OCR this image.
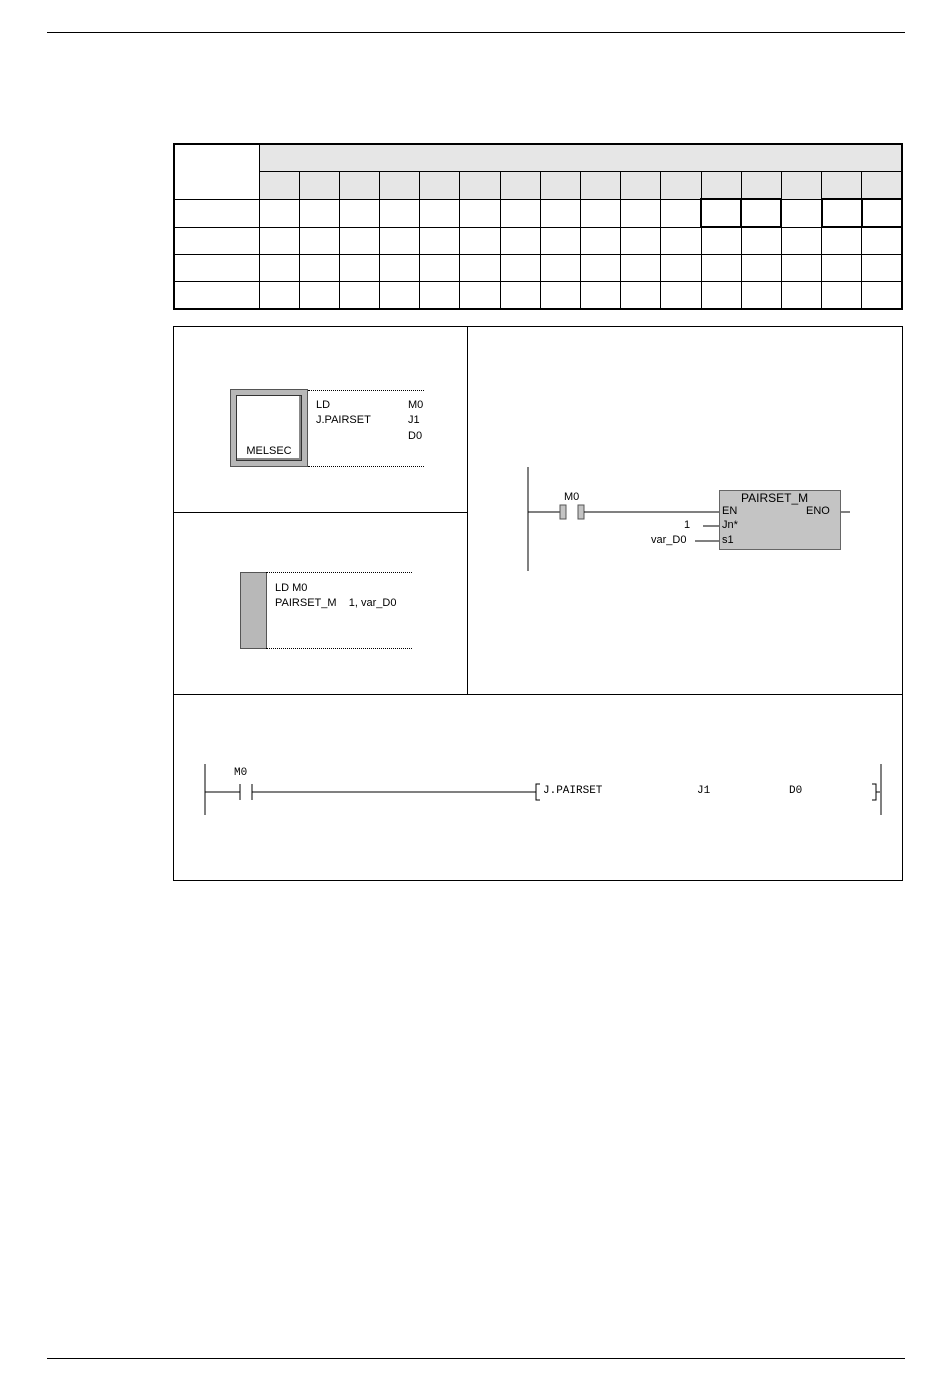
MELSEC
LD	M0
J.PAIRSET	J1
D0
LD M0
PAIRSET_M    1, var_D0
M0	PAIRSET_M
EN	ENO
Jn*
s1
1
var_D0
M0
J.PAIRSET	J1	D0
